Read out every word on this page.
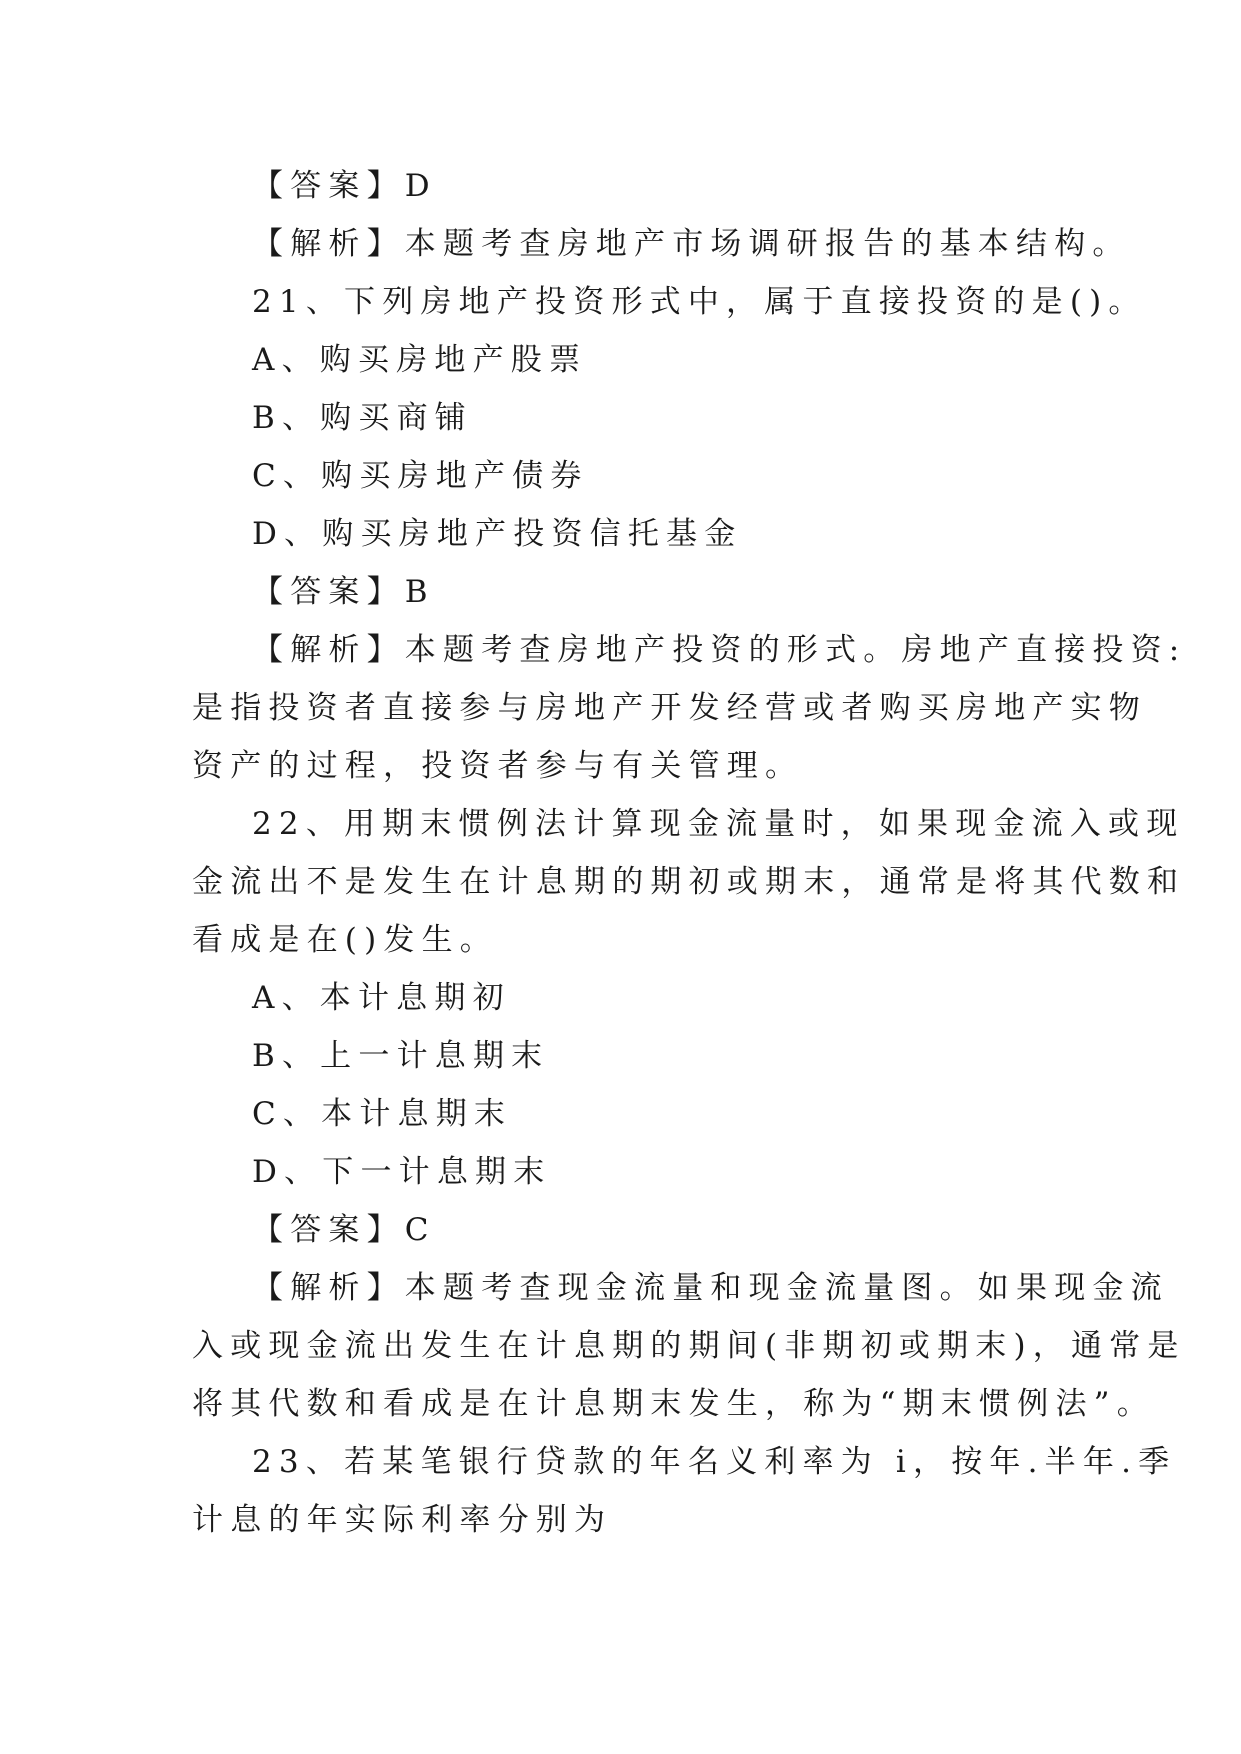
【答案】D
【解析】本题考查房地产市场调研报告的基本结构。
21、下列房地产投资形式中，属于直接投资的是()。
A、购买房地产股票
B、购买商铺
C、购买房地产债券
D、购买房地产投资信托基金
【答案】B
【解析】本题考查房地产投资的形式。房地产直接投资:
是指投资者直接参与房地产开发经营或者购买房地产实物
资产的过程，投资者参与有关管理。
22、用期末惯例法计算现金流量时，如果现金流入或现
金流出不是发生在计息期的期初或期末，通常是将其代数和
看成是在()发生。
A、本计息期初
B、上一计息期末
C、本计息期末
D、下一计息期末
【答案】C
【解析】本题考查现金流量和现金流量图。如果现金流
入或现金流出发生在计息期的期间(非期初或期末)，通常是
将其代数和看成是在计息期末发生，称为“期末惯例法”。
23、若某笔银行贷款的年名义利率为 i，按年.半年.季
计息的年实际利率分别为
